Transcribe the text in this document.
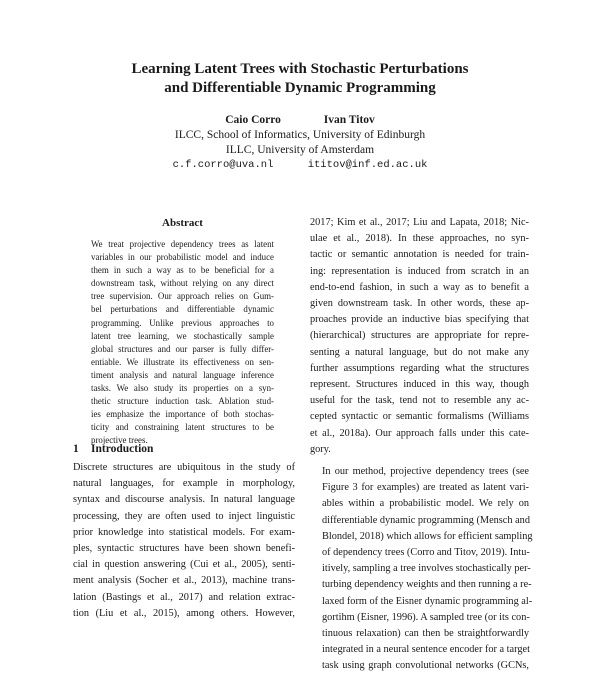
Learning Latent Trees with Stochastic Perturbations
and Differentiable Dynamic Programming
Caio Corro	Ivan Titov
ILCC, School of Informatics, University of Edinburgh
ILLC, University of Amsterdam
c.f.corro@uva.nl	ititov@inf.ed.ac.uk
Abstract
We treat projective dependency trees as latent
variables in our probabilistic model and induce
them in such a way as to be beneficial for a
downstream task, without relying on any direct
tree supervision. Our approach relies on Gum-
bel perturbations and differentiable dynamic
programming. Unlike previous approaches to
latent tree learning, we stochastically sample
global structures and our parser is fully differ-
entiable. We illustrate its effectiveness on sen-
timent analysis and natural language inference
tasks. We also study its properties on a syn-
thetic structure induction task. Ablation stud-
ies emphasize the importance of both stochas-
ticity and constraining latent structures to be
projective trees.
1 Introduction
Discrete structures are ubiquitous in the study of
natural languages, for example in morphology,
syntax and discourse analysis. In natural language
processing, they are often used to inject linguistic
prior knowledge into statistical models. For exam-
ples, syntactic structures have been shown benefi-
cial in question answering (Cui et al., 2005), senti-
ment analysis (Socher et al., 2013), machine trans-
lation (Bastings et al., 2017) and relation extrac-
tion (Liu et al., 2015), among others. However,
2017; Kim et al., 2017; Liu and Lapata, 2018; Nic-
ulae et al., 2018). In these approaches, no syn-
tactic or semantic annotation is needed for train-
ing: representation is induced from scratch in an
end-to-end fashion, in such a way as to benefit a
given downstream task. In other words, these ap-
proaches provide an inductive bias specifying that
(hierarchical) structures are appropriate for repre-
senting a natural language, but do not make any
further assumptions regarding what the structures
represent. Structures induced in this way, though
useful for the task, tend not to resemble any ac-
cepted syntactic or semantic formalisms (Williams
et al., 2018a). Our approach falls under this cate-
gory.
In our method, projective dependency trees (see
Figure 3 for examples) are treated as latent vari-
ables within a probabilistic model. We rely on
differentiable dynamic programming (Mensch and
Blondel, 2018) which allows for efficient sampling
of dependency trees (Corro and Titov, 2019). Intu-
itively, sampling a tree involves stochastically per-
turbing dependency weights and then running a re-
laxed form of the Eisner dynamic programming al-
gortihm (Eisner, 1996). A sampled tree (or its con-
tinuous relaxation) can then be straightforwardly
integrated in a neural sentence encoder for a target
task using graph convolutional networks (GCNs,
